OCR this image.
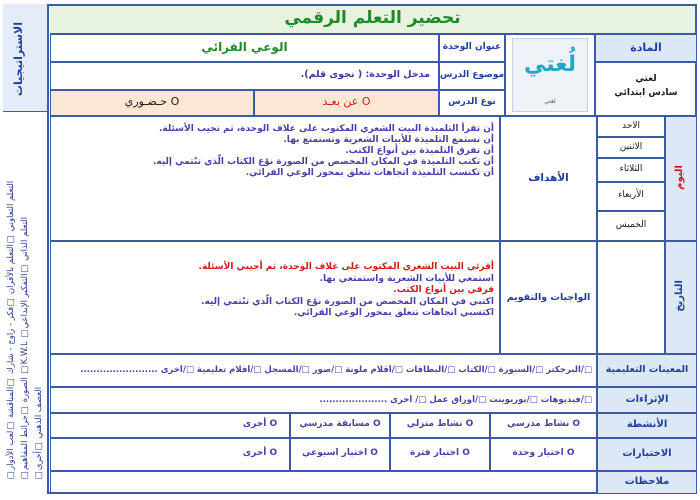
تحضير التعلم الرقمي
الاستراتيجيات
□التعلم التعاوني □التعلم بالأقران □فكر - زاوج - شارك □المناقشة □لعب الأدوار
□الصورة □خرائط المفاهيم □K.W.L □التعلم الذاتي □التفكير الإبداعي
□العصف الذهني □أخرى
المادة
لغتي
سادس ابتدائي
لُغتي
لغتي
عنوان الوحدة
الوعي القرائي
موضوع الدرس
مدخل الوحدة: ( نجوى قلم).
نوع الدرس
عن بعـد O
حـضـوري O
اليوم
التاريخ
الاحد
الاثنين
الثلاثاء
الأربعاء
الخميس
الأهداف
أن تقرأ التلميذة البيت الشعري المكتوب على غلاف الوحدة، ثم تجيب الأسئلة.
أن تستمع التلميذة للأبيات الشعرية وتستمتع بها.
أن تفرق التلميذة بين أنواع الكتب.
أن تكتب التلميذة في المكان المخصص من الصورة نوْع الكتاب الّذي تنْتمي إليه.
أن تكتسب التلميذة اتجاهات تتعلق بمحور الوعي القرائي.
الواجبات والتقويم
أقرئي البيت الشعري المكتوب على غلاف الوحدة، ثم أجيبي الأسئلة.
استمعي للأبيات الشعرية واستمتعي بها.
فرقي بين أنواع الكتب.
اكتبي في المكان المخصص من الصورة نوْع الكتاب الّذي تنْتمي إليه.
اكتسبي اتجاهات تتعلق بمحور الوعي القرائي.
المعينات التعليمية
□/البرجكتر □/السبورة □/الكتاب □/البطاقات □/أقلام ملونة □/صور □/المسجل □/أفلام تعليمية □/أخرى ........................
الإثراءات
□/فيديوهات □/بوربوينت □/أوراق عمل □/ أخرى .....................
الأنشطة
نشاط مدرسي O
نشاط منزلي O
مسابقة مدرسي O
أخرى O
الاختبارات
اختبار وحدة O
اختبار فترة O
اختبار اسبوعي O
أخرى O
ملاحظات
